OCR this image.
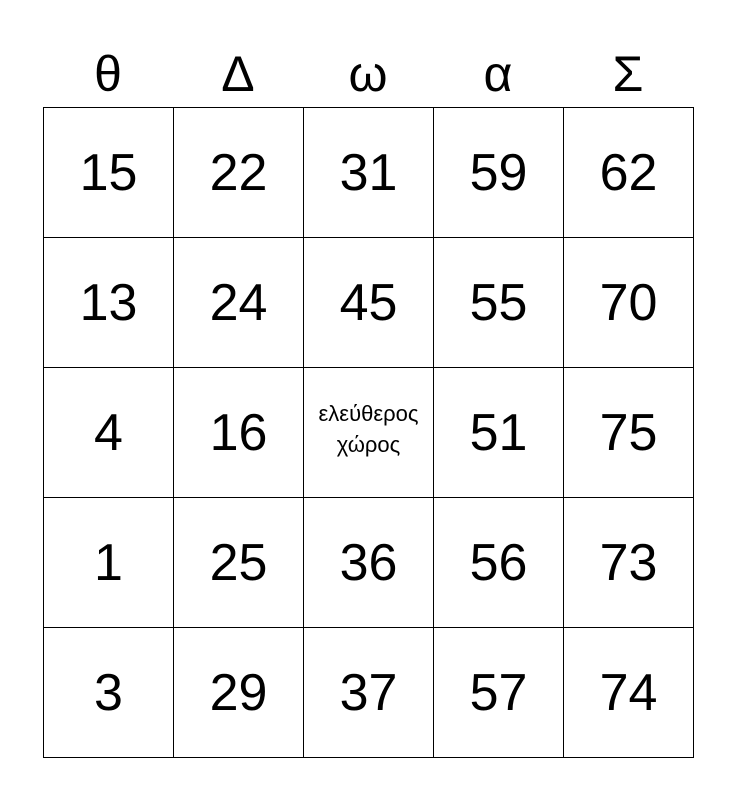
θ	Δ	ω	α	Σ
15	22	31	59	62
13	24	45	55	70
4	16	ελεύθερος χώρος	51	75
1	25	36	56	73
3	29	37	57	74
